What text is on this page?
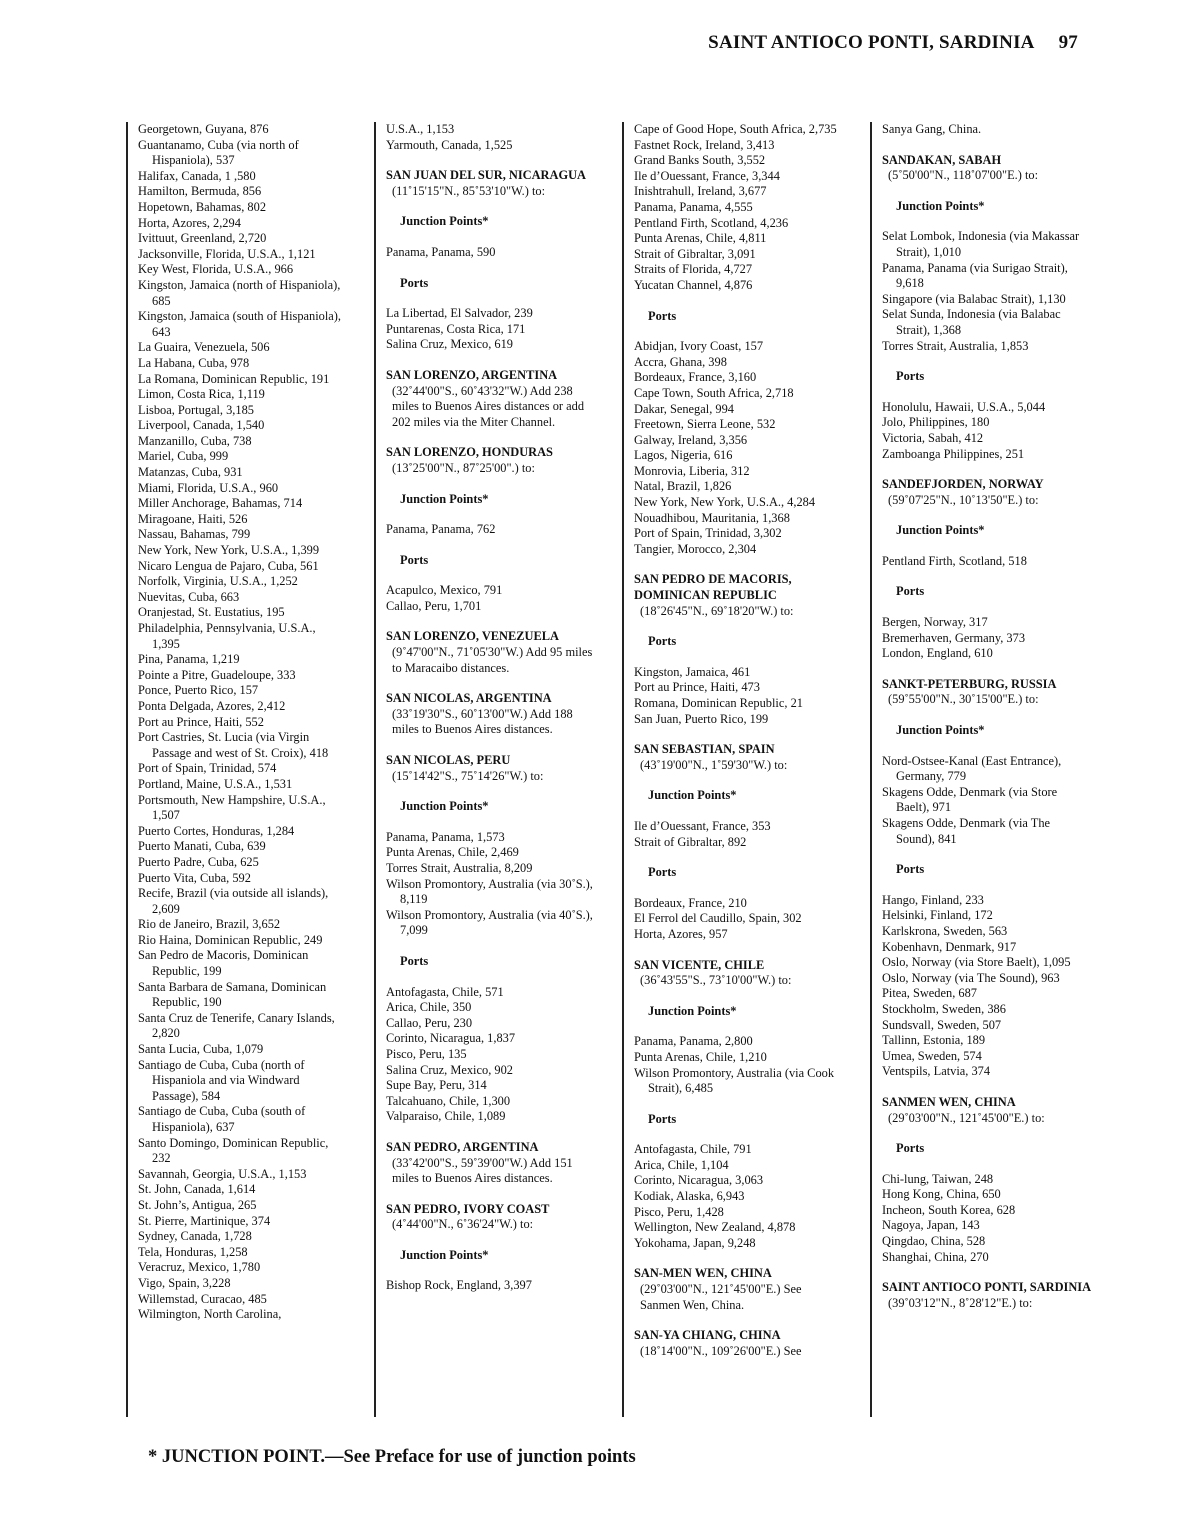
SAINT ANTIOCO PONTI, SARDINIA 97
Georgetown, Guyana, 876
Guantanamo, Cuba (via north of Hispaniola), 537
Halifax, Canada, 1 ,580
Hamilton, Bermuda, 856
Hopetown, Bahamas, 802
Horta, Azores, 2,294
Ivittuut, Greenland, 2,720
Jacksonville, Florida, U.S.A., 1,121
Key West, Florida, U.S.A., 966
Kingston, Jamaica (north of Hispaniola), 685
Kingston, Jamaica (south of Hispaniola), 643
La Guaira, Venezuela, 506
La Habana, Cuba, 978
La Romana, Dominican Republic, 191
Limon, Costa Rica, 1,119
Lisboa, Portugal, 3,185
Liverpool, Canada, 1,540
Manzanillo, Cuba, 738
Mariel, Cuba, 999
Matanzas, Cuba, 931
Miami, Florida, U.S.A., 960
Miller Anchorage, Bahamas, 714
Miragoane, Haiti, 526
Nassau, Bahamas, 799
New York, New York, U.S.A., 1,399
Nicaro Lengua de Pajaro, Cuba, 561
Norfolk, Virginia, U.S.A., 1,252
Nuevitas, Cuba, 663
Oranjestad, St. Eustatius, 195
Philadelphia, Pennsylvania, U.S.A., 1,395
Pina, Panama, 1,219
Pointe a Pitre, Guadeloupe, 333
Ponce, Puerto Rico, 157
Ponta Delgada, Azores, 2,412
Port au Prince, Haiti, 552
Port Castries, St. Lucia (via Virgin Passage and west of St. Croix), 418
Port of Spain, Trinidad, 574
Portland, Maine, U.S.A., 1,531
Portsmouth, New Hampshire, U.S.A., 1,507
Puerto Cortes, Honduras, 1,284
Puerto Manati, Cuba, 639
Puerto Padre, Cuba, 625
Puerto Vita, Cuba, 592
Recife, Brazil (via outside all islands), 2,609
Rio de Janeiro, Brazil, 3,652
Rio Haina, Dominican Republic, 249
San Pedro de Macoris, Dominican Republic, 199
Santa Barbara de Samana, Dominican Republic, 190
Santa Cruz de Tenerife, Canary Islands, 2,820
Santa Lucia, Cuba, 1,079
Santiago de Cuba, Cuba (north of Hispaniola and via Windward Passage), 584
Santiago de Cuba, Cuba (south of Hispaniola), 637
Santo Domingo, Dominican Republic, 232
Savannah, Georgia, U.S.A., 1,153
St. John, Canada, 1,614
St. John’s, Antigua, 265
St. Pierre, Martinique, 374
Sydney, Canada, 1,728
Tela, Honduras, 1,258
Veracruz, Mexico, 1,780
Vigo, Spain, 3,228
Willemstad, Curacao, 485
Wilmington, North Carolina,
U.S.A., 1,153
Yarmouth, Canada, 1,525
SAN JUAN DEL SUR, NICARAGUA
(11˚15'15"N., 85˚53'10"W.) to:
Junction Points*
Panama, Panama, 590
Ports
La Libertad, El Salvador, 239
Puntarenas, Costa Rica, 171
Salina Cruz, Mexico, 619
SAN LORENZO, ARGENTINA
(32˚44'00"S., 60˚43'32"W.) Add 238 miles to Buenos Aires distances or add 202 miles via the Miter Channel.
SAN LORENZO, HONDURAS
(13˚25'00"N., 87˚25'00".) to:
Junction Points*
Panama, Panama, 762
Ports
Acapulco, Mexico, 791
Callao, Peru, 1,701
SAN LORENZO, VENEZUELA
(9˚47'00"N., 71˚05'30"W.) Add 95 miles to Maracaibo distances.
SAN NICOLAS, ARGENTINA
(33˚19'30"S., 60˚13'00"W.) Add 188 miles to Buenos Aires distances.
SAN NICOLAS, PERU
(15˚14'42"S., 75˚14'26"W.) to:
Junction Points*
Panama, Panama, 1,573
Punta Arenas, Chile, 2,469
Torres Strait, Australia, 8,209
Wilson Promontory, Australia (via 30˚S.), 8,119
Wilson Promontory, Australia (via 40˚S.), 7,099
Ports
Antofagasta, Chile, 571
Arica, Chile, 350
Callao, Peru, 230
Corinto, Nicaragua, 1,837
Pisco, Peru, 135
Salina Cruz, Mexico, 902
Supe Bay, Peru, 314
Talcahuano, Chile, 1,300
Valparaiso, Chile, 1,089
SAN PEDRO, ARGENTINA
(33˚42'00"S., 59˚39'00"W.) Add 151 miles to Buenos Aires distances.
SAN PEDRO, IVORY COAST
(4˚44'00"N., 6˚36'24"W.) to:
Junction Points*
Bishop Rock, England, 3,397
Cape of Good Hope, South Africa, 2,735
Fastnet Rock, Ireland, 3,413
Grand Banks South, 3,552
Ile d’Ouessant, France, 3,344
Inishtrahull, Ireland, 3,677
Panama, Panama, 4,555
Pentland Firth, Scotland, 4,236
Punta Arenas, Chile, 4,811
Strait of Gibraltar, 3,091
Straits of Florida, 4,727
Yucatan Channel, 4,876
Ports
Abidjan, Ivory Coast, 157
Accra, Ghana, 398
Bordeaux, France, 3,160
Cape Town, South Africa, 2,718
Dakar, Senegal, 994
Freetown, Sierra Leone, 532
Galway, Ireland, 3,356
Lagos, Nigeria, 616
Monrovia, Liberia, 312
Natal, Brazil, 1,826
New York, New York, U.S.A., 4,284
Nouadhibou, Mauritania, 1,368
Port of Spain, Trinidad, 3,302
Tangier, Morocco, 2,304
SAN PEDRO DE MACORIS, DOMINICAN REPUBLIC
(18˚26'45"N., 69˚18'20"W.) to:
Ports
Kingston, Jamaica, 461
Port au Prince, Haiti, 473
Romana, Dominican Republic, 21
San Juan, Puerto Rico, 199
SAN SEBASTIAN, SPAIN
(43˚19'00"N., 1˚59'30"W.) to:
Junction Points*
Ile d’Ouessant, France, 353
Strait of Gibraltar, 892
Ports
Bordeaux, France, 210
El Ferrol del Caudillo, Spain, 302
Horta, Azores, 957
SAN VICENTE, CHILE
(36˚43'55"S., 73˚10'00"W.) to:
Junction Points*
Panama, Panama, 2,800
Punta Arenas, Chile, 1,210
Wilson Promontory, Australia (via Cook Strait), 6,485
Ports
Antofagasta, Chile, 791
Arica, Chile, 1,104
Corinto, Nicaragua, 3,063
Kodiak, Alaska, 6,943
Pisco, Peru, 1,428
Wellington, New Zealand, 4,878
Yokohama, Japan, 9,248
SAN-MEN WEN, CHINA
(29˚03'00"N., 121˚45'00"E.) See Sanmen Wen, China.
SAN-YA CHIANG, CHINA
(18˚14'00"N., 109˚26'00"E.) See
Sanya Gang, China.
SANDAKAN, SABAH
(5˚50'00"N., 118˚07'00"E.) to:
Junction Points*
Selat Lombok, Indonesia (via Makassar Strait), 1,010
Panama, Panama (via Surigao Strait), 9,618
Singapore (via Balabac Strait), 1,130
Selat Sunda, Indonesia (via Balabac Strait), 1,368
Torres Strait, Australia, 1,853
Ports
Honolulu, Hawaii, U.S.A., 5,044
Jolo, Philippines, 180
Victoria, Sabah, 412
Zamboanga Philippines, 251
SANDEFJORDEN, NORWAY
(59˚07'25"N., 10˚13'50"E.) to:
Junction Points*
Pentland Firth, Scotland, 518
Ports
Bergen, Norway, 317
Bremerhaven, Germany, 373
London, England, 610
SANKT-PETERBURG, RUSSIA
(59˚55'00"N., 30˚15'00"E.) to:
Junction Points*
Nord-Ostsee-Kanal (East Entrance), Germany, 779
Skagens Odde, Denmark (via Store Baelt), 971
Skagens Odde, Denmark (via The Sound), 841
Ports
Hango, Finland, 233
Helsinki, Finland, 172
Karlskrona, Sweden, 563
Kobenhavn, Denmark, 917
Oslo, Norway (via Store Baelt), 1,095
Oslo, Norway (via The Sound), 963
Pitea, Sweden, 687
Stockholm, Sweden, 386
Sundsvall, Sweden, 507
Tallinn, Estonia, 189
Umea, Sweden, 574
Ventspils, Latvia, 374
SANMEN WEN, CHINA
(29˚03'00"N., 121˚45'00"E.) to:
Ports
Chi-lung, Taiwan, 248
Hong Kong, China, 650
Incheon, South Korea, 628
Nagoya, Japan, 143
Qingdao, China, 528
Shanghai, China, 270
SAINT ANTIOCO PONTI, SARDINIA
(39˚03'12"N., 8˚28'12"E.) to:
* JUNCTION POINT.—See Preface for use of junction points
